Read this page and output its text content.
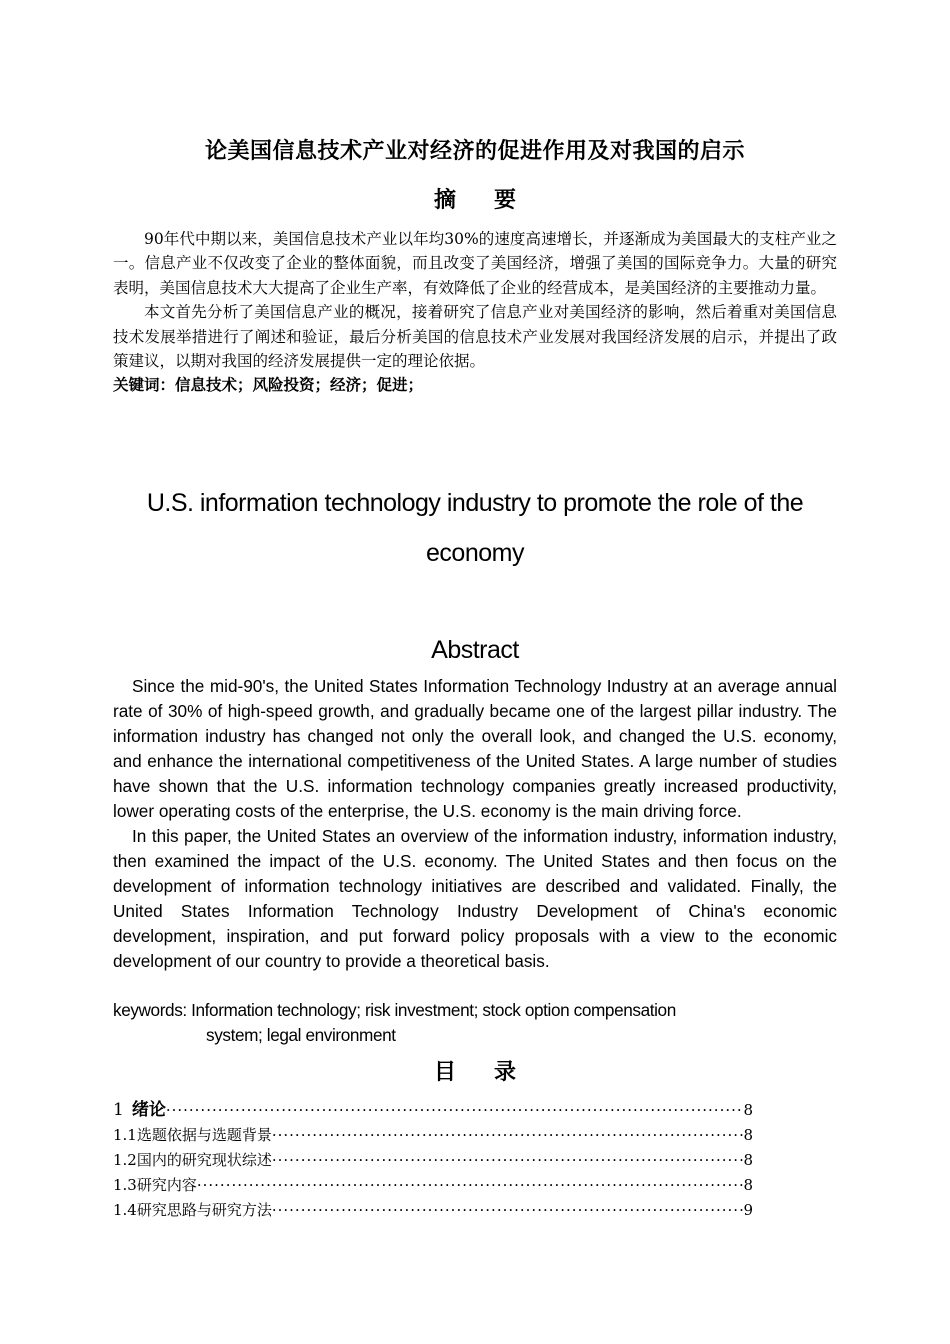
论美国信息技术产业对经济的促进作用及对我国的启示
摘要

90年代中期以来，美国信息技术产业以年均30%的速度高速增长，并逐渐成为美国最大的支柱产业之一。信息产业不仅改变了企业的整体面貌，而且改变了美国经济，增强了美国的国际竞争力。大量的研究表明，美国信息技术大大提高了企业生产率，有效降低了企业的经营成本，是美国经济的主要推动力量。

本文首先分析了美国信息产业的概况，接着研究了信息产业对美国经济的影响，然后着重对美国信息技术发展举措进行了阐述和验证，最后分析美国的信息技术产业发展对我国经济发展的启示，并提出了政策建议，以期对我国的经济发展提供一定的理论依据。

关键词：信息技术；风险投资；经济；促进；

U.S. information technology industry to promote the role of the economy
Abstract

Since the mid-90's, the United States Information Technology Industry at an average annual rate of 30% of high-speed growth, and gradually became one of the largest pillar industry. The information industry has changed not only the overall look, and changed the U.S. economy, and enhance the international competitiveness of the United States. A large number of studies have shown that the U.S. information technology companies greatly increased productivity, lower operating costs of the enterprise, the U.S. economy is the main driving force.

In this paper, the United States an overview of the information industry, information industry, then examined the impact of the U.S. economy. The United States and then focus on the development of information technology initiatives are described and validated. Finally, the United States Information Technology Industry Development of China's economic development, inspiration, and put forward policy proposals with a view to the economic development of our country to provide a theoretical basis.

keywords: Information technology; risk investment; stock option compensation
system; legal environment
目录
1 绪论 ·····	8
1.1选题依据与选题背景 ·····	8
1.2国内的研究现状综述 ·····	8
1.3研究内容 ·····	8
1.4研究思路与研究方法 ·····	9
